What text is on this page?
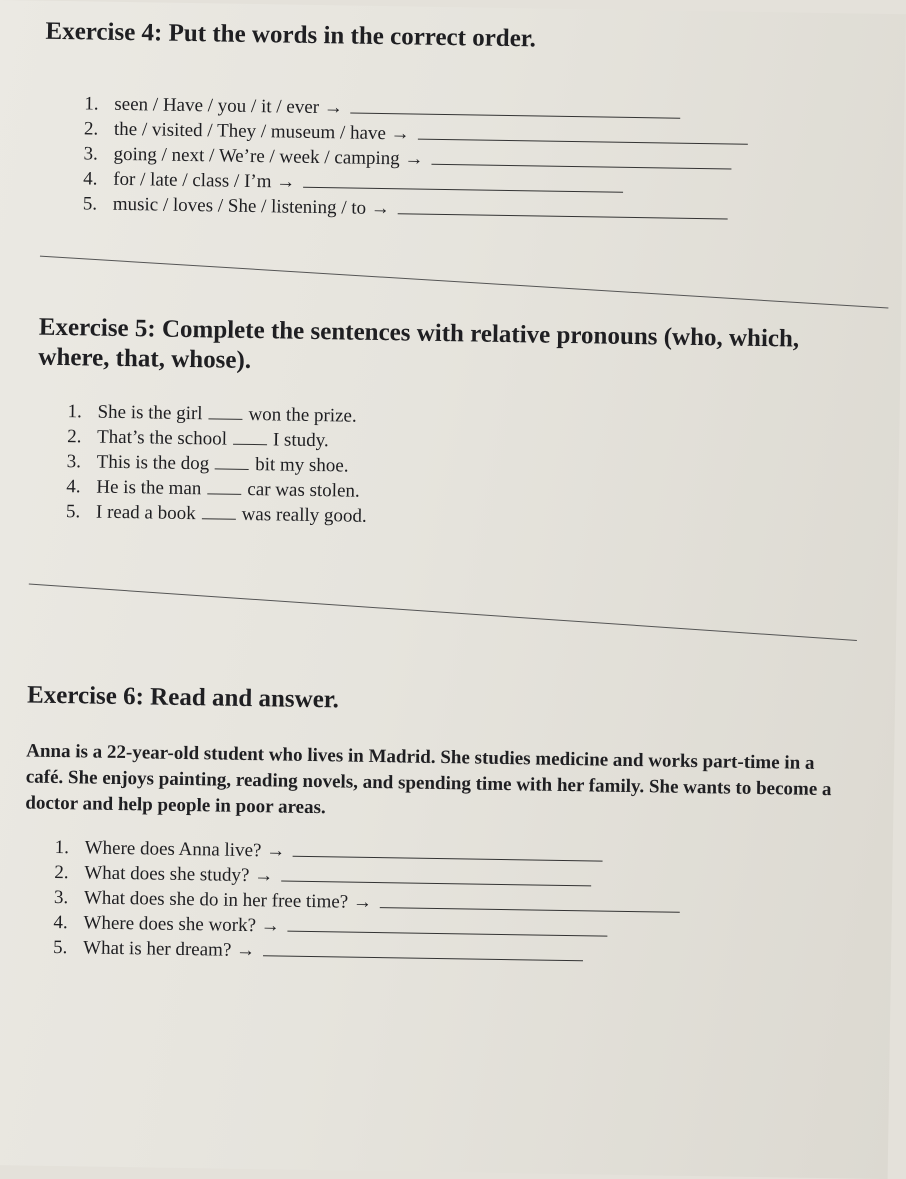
Exercise 4: Put the words in the correct order.
1. seen / Have / you / it / ever →
2. the / visited / They / museum / have →
3. going / next / We’re / week / camping →
4. for / late / class / I’m →
5. music / loves / She / listening / to →
Exercise 5: Complete the sentences with relative pronouns (who, which, where, that, whose).
1. She is the girl won the prize.
2. That’s the school I study.
3. This is the dog bit my shoe.
4. He is the man car was stolen.
5. I read a book was really good.
Exercise 6: Read and answer.

Anna is a 22-year-old student who lives in Madrid. She studies medicine and works part-time in a café. She enjoys painting, reading novels, and spending time with her family. She wants to become a doctor and help people in poor areas.

1. Where does Anna live? →
2. What does she study? →
3. What does she do in her free time? →
4. Where does she work? →
5. What is her dream? →
